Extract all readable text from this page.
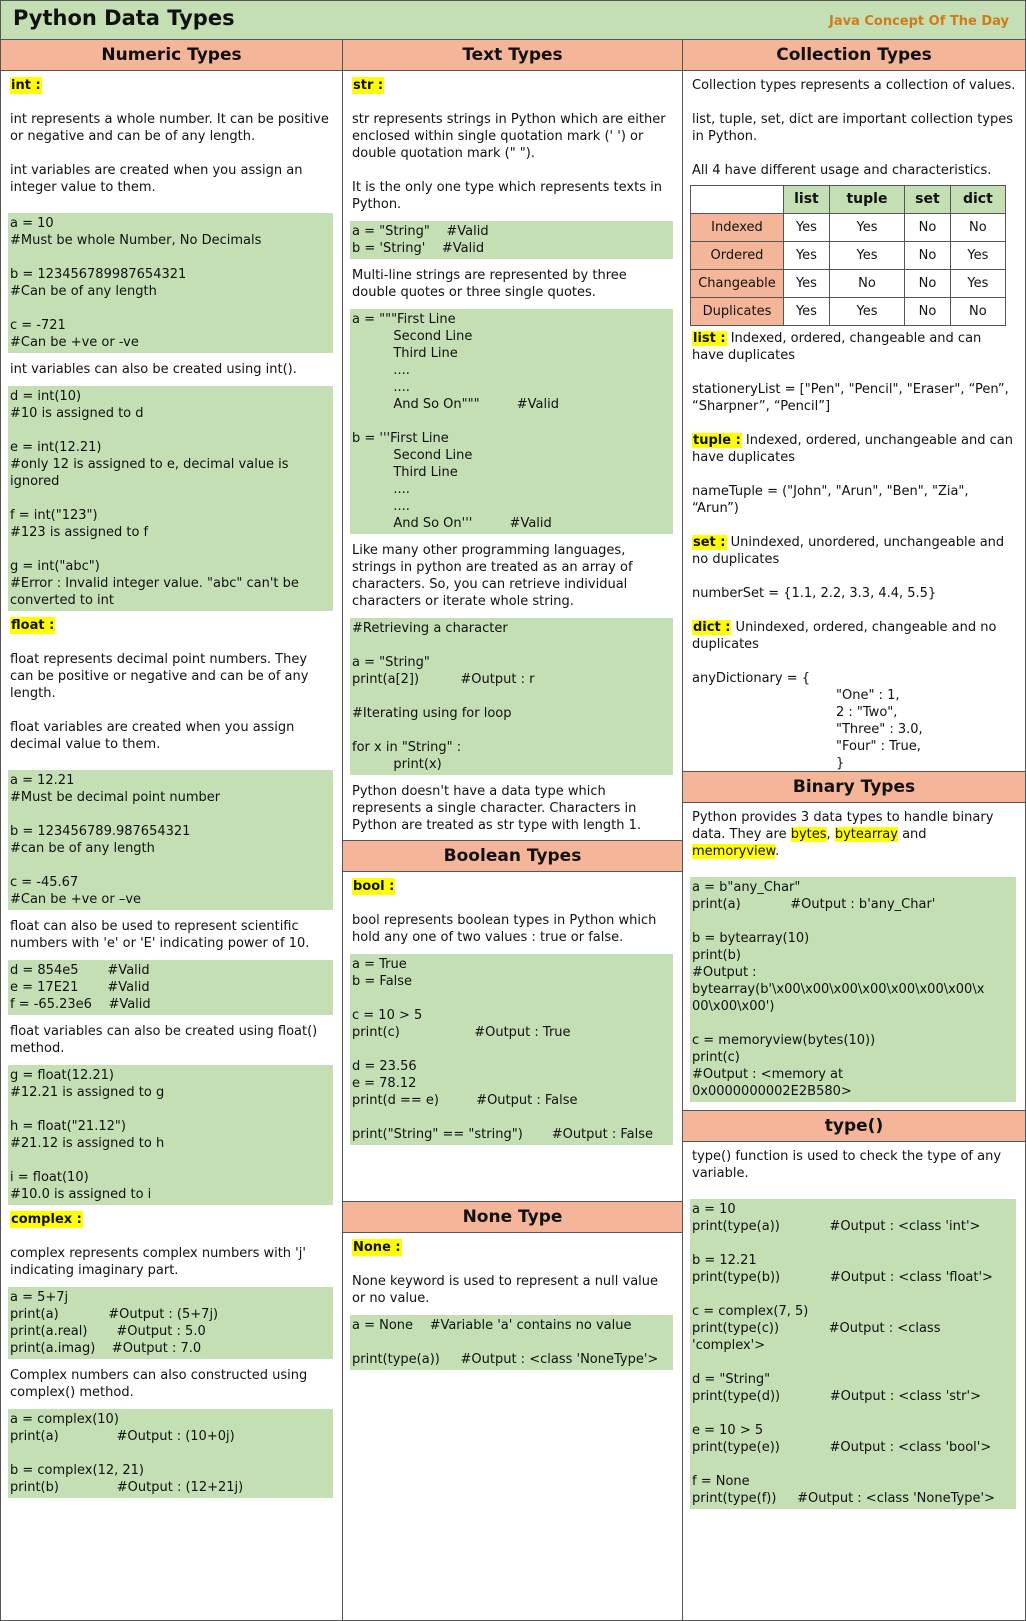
Python Data Types	Java Concept Of The Day
Numeric Types
int :

int represents a whole number. It can be positive or negative and can be of any length.

int variables are created when you assign an integer value to them.

a = 10
#Must be whole Number, No Decimals
b = 123456789987654321
#Can be of any length
c = -721
#Can be +ve or -ve

int variables can also be created using int().

d = int(10)
#10 is assigned to d
e = int(12.21)
#only 12 is assigned to e, decimal value is
ignored
f = int("123")
#123 is assigned to f
g = int("abc")
#Error : Invalid integer value. "abc" can't be
converted to int
float :

float represents decimal point numbers. They can be positive or negative and can be of any length.

float variables are created when you assign decimal value to them.

a = 12.21
#Must be decimal point number
b = 123456789.987654321
#can be of any length
c = -45.67
#Can be +ve or –ve

float can also be used to represent scientific numbers with 'e' or 'E' indicating power of 10.

d = 854e5       #Valid
e = 17E21       #Valid
f = -65.23e6    #Valid

float variables can also be created using float() method.

g = float(12.21)
#12.21 is assigned to g
h = float("21.12")
#21.12 is assigned to h
i = float(10)
#10.0 is assigned to i
complex :

complex represents complex numbers with 'j' indicating imaginary part.

a = 5+7j
print(a)            #Output : (5+7j)
print(a.real)       #Output : 5.0
print(a.imag)    #Output : 7.0

Complex numbers can also constructed using complex() method.

a = complex(10)
print(a)              #Output : (10+0j)
b = complex(12, 21)
print(b)              #Output : (12+21j)
Text Types
str :

str represents strings in Python which are either enclosed within single quotation mark (' ') or double quotation mark (" ").

It is the only one type which represents texts in Python.

a = "String"    #Valid
b = 'String'    #Valid

Multi-line strings are represented by three double quotes or three single quotes.

a = """First Line
Second Line
Third Line
....
....
And So On"""         #Valid
b = '''First Line
Second Line
Third Line
....
....
And So On'''         #Valid

Like many other programming languages, strings in python are treated as an array of characters. So, you can retrieve individual characters or iterate whole string.

#Retrieving a character
a = "String"
print(a[2])          #Output : r
#Iterating using for loop
for x in "String" :
print(x)

Python doesn't have a data type which represents a single character. Characters in Python are treated as str type with length 1.

Boolean Types
bool :

bool represents boolean types in Python which hold any one of two values : true or false.

a = True
b = False
c = 10 > 5
print(c)                  #Output : True
d = 23.56
e = 78.12
print(d == e)         #Output : False
print("String" == "string")       #Output : False
None Type
None :

None keyword is used to represent a null value or no value.

a = None    #Variable 'a' contains no value
print(type(a))     #Output : <class 'NoneType'>
Collection Types

Collection types represents a collection of values.

list, tuple, set, dict are important collection types in Python.

All 4 have different usage and characteristics.

	list	tuple	set	dict
Indexed	Yes	Yes	No	No
Ordered	Yes	Yes	No	Yes
Changeable	Yes	No	No	Yes
Duplicates	Yes	Yes	No	No

list : Indexed, ordered, changeable and can have duplicates

stationeryList = ["Pen", "Pencil", "Eraser", “Pen”, “Sharpner”, “Pencil”]

tuple : Indexed, ordered, unchangeable and can have duplicates

nameTuple = ("John", "Arun", "Ben", "Zia", “Arun”)

set : Unindexed, unordered, unchangeable and no duplicates

numberSet = {1.1, 2.2, 3.3, 4.4, 5.5}

dict : Unindexed, ordered, changeable and no duplicates

anyDictionary = {
"One" : 1,
2 : "Two",
"Three" : 3.0,
"Four" : True,
}
Binary Types

Python provides 3 data types to handle binary data. They are bytes, bytearray and memoryview.

a = b"any_Char"
print(a)            #Output : b'any_Char'
b = bytearray(10)
print(b)
#Output :
bytearray(b'\x00\x00\x00\x00\x00\x00\x00\x
00\x00\x00')
c = memoryview(bytes(10))
print(c)
#Output : <memory at
0x0000000002E2B580>
type()

type() function is used to check the type of any variable.

a = 10
print(type(a))            #Output : <class 'int'>
b = 12.21
print(type(b))            #Output : <class 'float'>
c = complex(7, 5)
print(type(c))            #Output : <class
'complex'>
d = "String"
print(type(d))            #Output : <class 'str'>
e = 10 > 5
print(type(e))            #Output : <class 'bool'>
f = None
print(type(f))     #Output : <class 'NoneType'>
